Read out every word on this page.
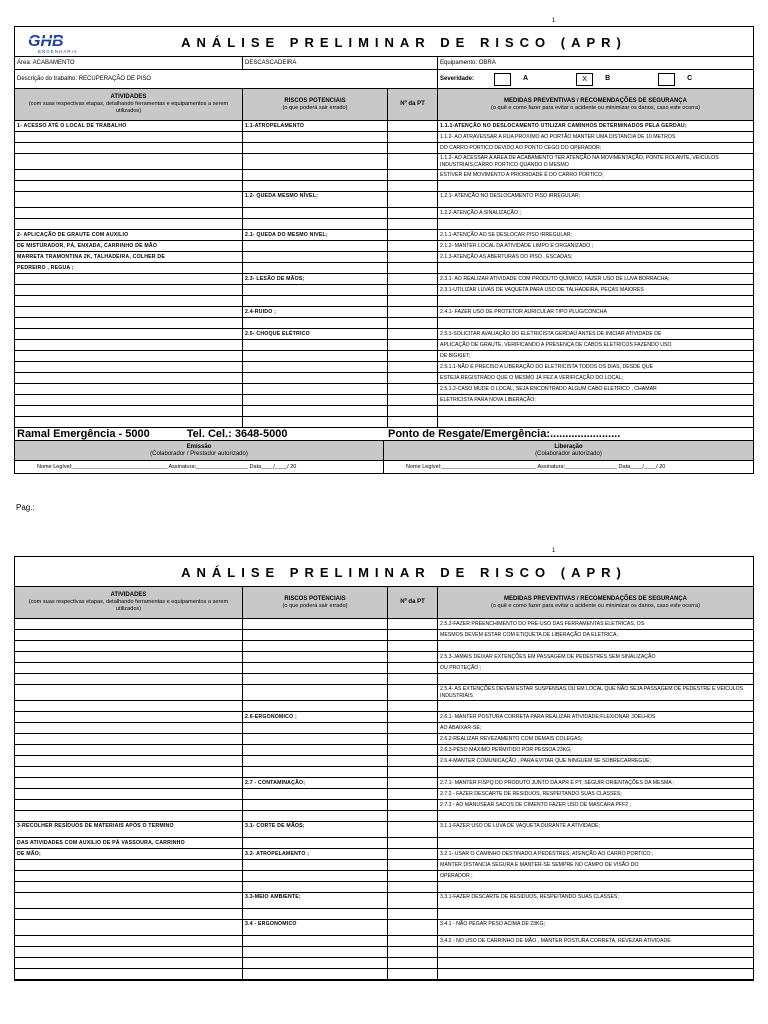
1
GHB
ENGENHARIA
ANÁLISE PRELIMINAR DE RISCO (APR)
Área: ACABAMENTO	DESCASCADEIRA	Equipamento: OBRA
Descrição do trabalho: RECUPERAÇÃO DE PISO	Severidade:	A	X	B	C
ATIVIDADES
(com suas respectivas etapas, detalhando ferramentas e equipamentos a serem utilizados)
RISCOS POTENCIAIS
(o que poderá sair errado)
Nº da PT
MEDIDAS PREVENTIVAS / RECOMENDAÇÕES DE SEGURANÇA
(o quê e como fazer para evitar o acidente ou minimizar os danos, caso este ocorra)
1- ACESSO ATÉ O LOCAL DE TRABALHO	1.1-ATROPELAMENTO	1.1.1-ATENÇÃO NO DESLOCAMENTO UTILIZAR CAMINHOS DETERMINADOS PELA GERDAU;
1.1.2- AO ATRAVESSAR A RUA PROXIMO AO PORTÃO MANTER UMA DISTANCIA DE 10 METROS
DO CARRO PORTICO DEVIDO AO PONTO CEGO DO OPERADOR;
1.1.2- AO ACESSAR A AREA DE ACABAMENTO TER ATENÇÃO NA MOVIMENTAÇÃO, PONTE ROLANTE, VEICULOS INDUSTRIAIS,CARRO PORTICO QUANDO O MESMO
ESTIVER EM MOVIMENTO A PRIORIDADE É DO CARRO PORTICO;
1.2- QUEDA MESMO NÍVEL;	1.2.1- ATENÇÃO NO DESLOCAMENTO PISO IRREGULAR;
1.2.2-ATENÇÃO A SINALIZAÇÃO ;
2- APLICAÇÃO DE GRAUTE COM AUXILIO	2.1- QUEDA DO MESMO NIVEL;	2.1.1-ATENÇÃO AO SE DESLOCAR PISO IRREGULAR;
DE MISTURADOR, PÁ, ENXADA, CARRINHO DE MÃO	2.1.2- MANTER LOCAL DA ATIVIDADE LIMPO E ORGANIZADO ;
MARRETA TRAMONTINA 2K, TALHADEIRA, COLHER DE	2.1.3-ATENÇÃO AS ABERTURAS DO PISO , ESCADAS;
PEDREIRO , REGUA ;
2.3- LESÃO DE MÃOS;	2.3.1- AO REALIZAR ATIVIDADE COM PRODUTO QUIMICO, FAZER USO DE LUVA BORRACHA;
2.3.1-UTILIZAR LUVAS DE VAQUETA PARA USO DE TALHADEIRA, PEÇAS MAIORES
2.4-RUIDO ;	2.4.1- FAZER USO DE PROTETOR AURICULAR TIPO PLUG/CONCHA
2.5- CHOQUE ELÉTRICO	2.5.1-SOLICITAR AVALIAÇÃO DO ELETRICISTA GERDAU ANTES DE INICIAR ATIVIDADE DE
APLICAÇÃO DE GRAUTE, VERIFICANDO A PRESENÇA DE CABOS ELETRICOS FAZENDO USO
DE BIGKIET;
2.5.1.1-NÃO É PRECISO A LIBERAÇÃO DO ELETRICISTA TODOS OS DIAS, DESDE QUE
ESTEJA REGISTRADO QUE O MESMO JÁ FEZ A VERIFICAÇÃO DO LOCAL;
2.5.1.2-CASO MUDE O LOCAL, SEJA ENCONTRADO ALGUM CABO ELETRICO , CHAMAR
ELETRICISTA PARA NOVA LIBERAÇÃO;
Ramal Emergência - 5000	Tel. Cel.: 3648-5000	Ponto de Resgate/Emergência:.......................
Emissão
(Colaborador / Prestador autorizado)
Liberação
(Colaborador autorizado)
Nome Legível:_______________________________ Assinatura:_________________ Data____/____/ 20	Nome Legível:_______________________________ Assinatura:_________________ Data____/____/ 20
Pag.:
1
ANÁLISE PRELIMINAR DE RISCO (APR)
ATIVIDADES
(com suas respectivas etapas, detalhando ferramentas e equipamentos a serem utilizados)
RISCOS POTENCIAIS
(o que poderá sair errado)
Nº da PT
MEDIDAS PREVENTIVAS / RECOMENDAÇÕES DE SEGURANÇA
(o quê e como fazer para evitar o acidente ou minimizar os danos, caso este ocorra)
2.5.2-FAZER PREENCHIMENTO DO PRE-USO DAS FERRAMENTAS ELETRICAS, OS
MESMOS DEVEM ESTAR COM ETIQUETA DE LIBERAÇÃO DA ELETRICA;
2.5.3-JAMAIS DEIXAR EXTENÇÕES EM PASSAGEM DE PEDESTRES SEM SINALIZAÇÃO
OU PROTEÇÃO ;
2.5.4- AS EXTENÇÕES DEVEM ESTAR SUSPENSAS,OU EM LOCAL QUE NÃO SEJA PASSAGEM DE PEDESTRE E VEICULOS INDUSTRIAIS
2.6-ERGONOMICO ;	2.6.1- MANTER POSTURA CORRETA PARA REALIZAR ATIVIDADE;FLEXIONAR JOELHOS
AO ABAIXAR-SE;
2.6.2-REALIZAR REVEZAMENTO COM DEMAIS COLEGAS;
2.6.3-PESO MAXIMO PERMITIDO POR PESSOA 23KG;
2.6.4-MANTER COMUNICAÇÃO , PARA EVITAR QUE NINGUEM SE SOBRECARREGUE;
2.7 - CONTAMINAÇÃO;	2.7.1- MANTER FISPQ DO PRODUTO JUNTO DA APR E PT, SEGUIR ORIENTAÇÕES DA MESMA ;
2.7.2 - FAZER DESCARTE DE RESIDUOS, RESPEITANDO SUAS CLASSES;
2.7.3 - AO MANUSEAR SACOS DE CIMENTO FAZER USO DE MASCARA PFF2 ;
3-RECOLHER RESÍDUOS DE MATERIAIS APÓS O TERMINO	3.1- CORTE DE MÃOS;	3.1.1-FAZER USO DE LUVA DE VAQUETA DURANTE A ATIVIDADE;
DAS ATIVIDADES COM AUXILIO DE PÁ VASSOURA, CARRINHO
DE MÃO;	3.2- ATROPELAMENTO ;	3.2.1- USAR O CAMINHO DESTINADO A PEDESTRES, ATENÇÃO AO CARRO PORTICO ;
MANTER DISTANCIA SEGURA E MANTER-SE SEMPRE NO CAMPO DE VISÃO DO
OPERADOR ;
3.3-MEIO AMBIENTE;	3.3.1-FAZER DESCARTE DE RESIDUOS, RESPEITANDO SUAS CLASSES;
3.4 - ERGONOMICO	3.4.1 - NÃO PEGAR PESO ACIMA DE 23KG;
3.4.2 - NO USO DE CARRINHO DE MÃO , MANTER POSTURA CORRETA, REVEZAR ATIVIDADE
